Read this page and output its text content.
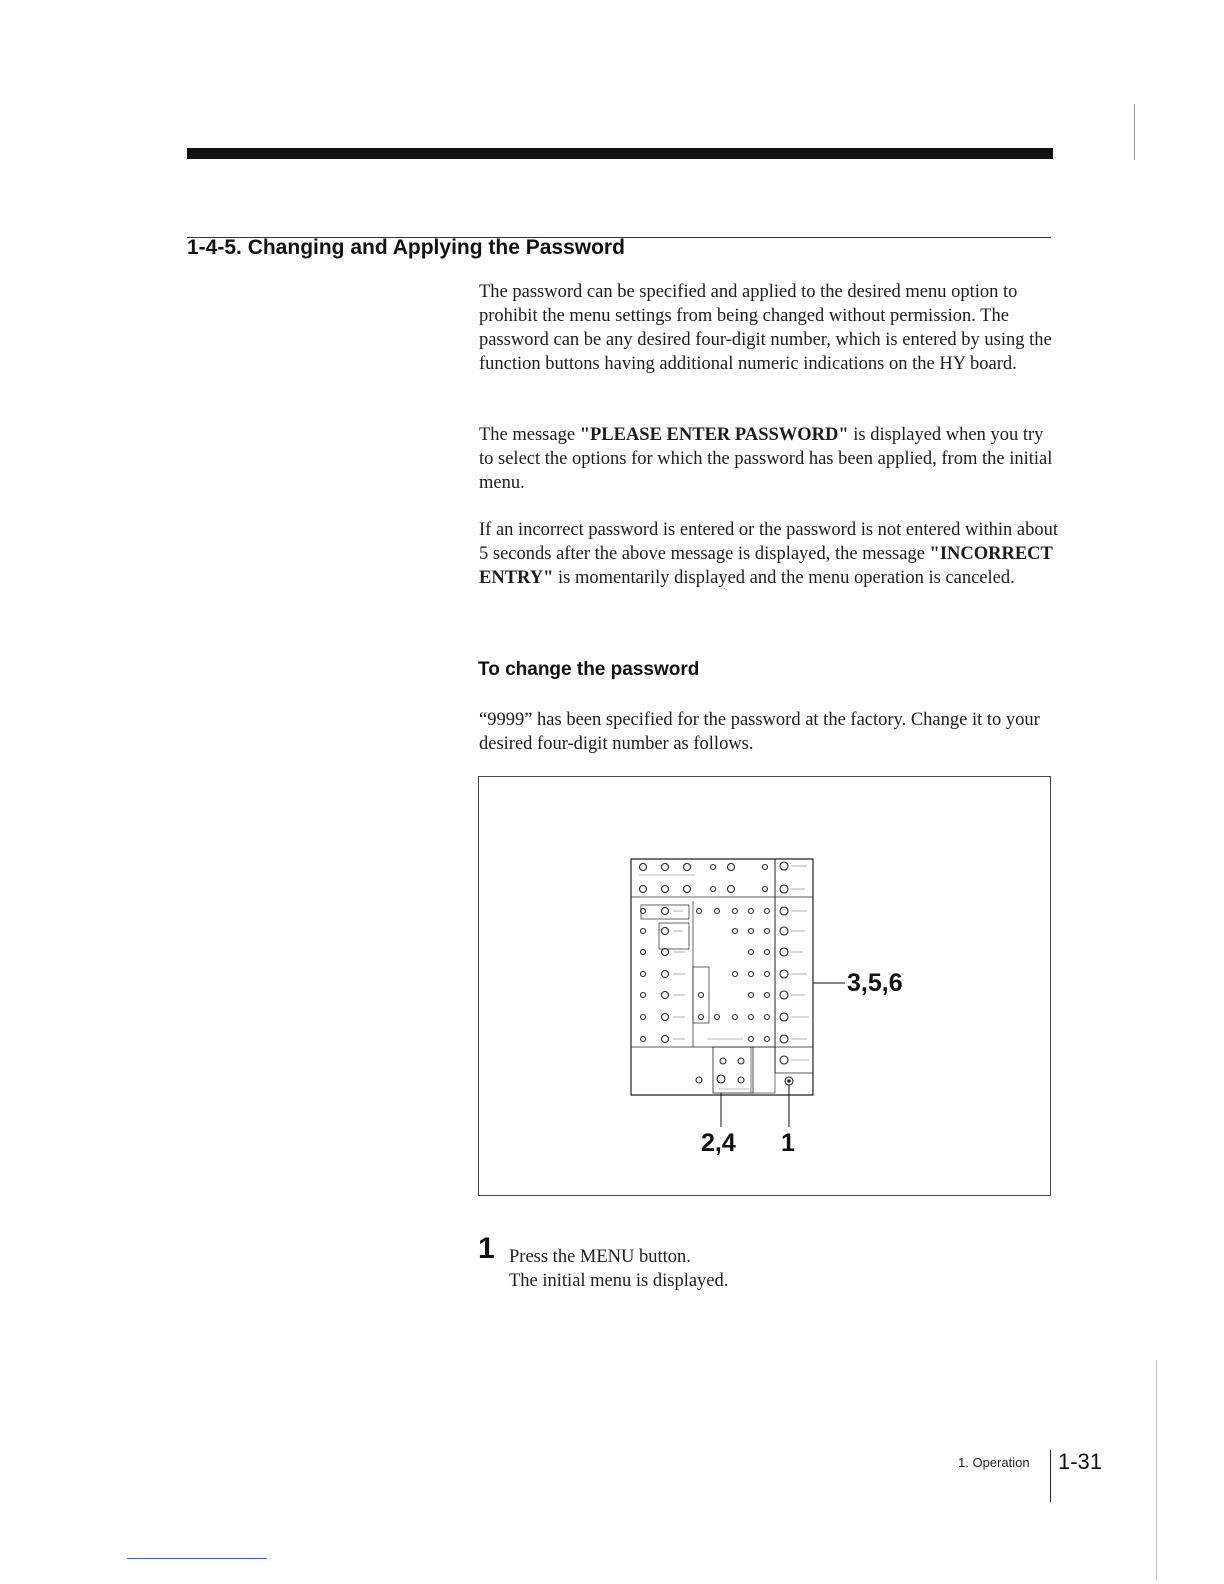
1-4-5. Changing and Applying the Password

The password can be specified and applied to the desired menu option to prohibit the menu settings from being changed without permission. The password can be any desired four-digit number, which is entered by using the function buttons having additional numeric indications on the HY board.

The message "PLEASE ENTER PASSWORD" is displayed when you try to select the options for which the password has been applied, from the initial menu.

If an incorrect password is entered or the password is not entered within about 5 seconds after the above message is displayed, the message "INCORRECT ENTRY" is momentarily displayed and the menu operation is canceled.

To change the password

“9999” has been specified for the password at the factory. Change it to your desired four-digit number as follows.

3,5,6
2,4 1

1 Press the MENU button.

The initial menu is displayed.

1. Operation 1-31
